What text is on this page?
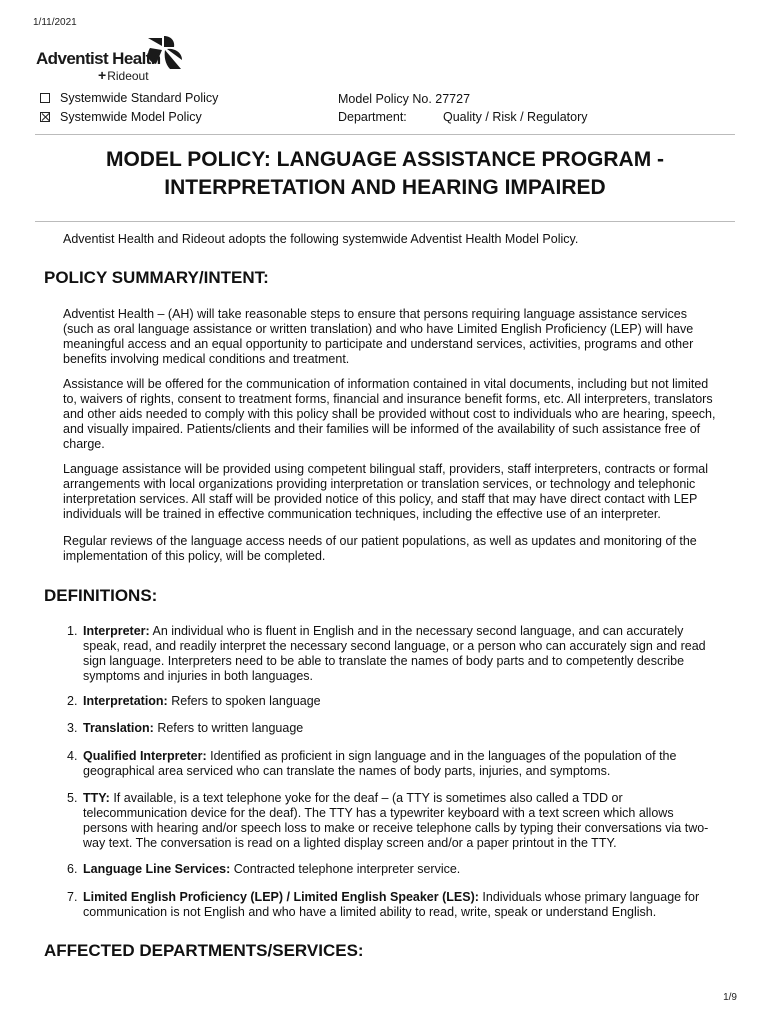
1/11/2021
Adventist Health
+Rideout
Systemwide Standard Policy
Systemwide Model Policy
Model Policy No. 27727
Department:	Quality / Risk / Regulatory
MODEL POLICY: LANGUAGE ASSISTANCE PROGRAM -
INTERPRETATION AND HEARING IMPAIRED
Adventist Health and Rideout adopts the following systemwide Adventist Health Model Policy.
POLICY SUMMARY/INTENT:
Adventist Health – (AH) will take reasonable steps to ensure that persons requiring language assistance services
(such as oral language assistance or written translation) and who have Limited English Proficiency (LEP) will have
meaningful access and an equal opportunity to participate and understand services, activities, programs and other
benefits involving medical conditions and treatment.
Assistance will be offered for the communication of information contained in vital documents, including but not limited
to, waivers of rights, consent to treatment forms, financial and insurance benefit forms, etc. All interpreters, translators
and other aids needed to comply with this policy shall be provided without cost to individuals who are hearing, speech,
and visually impaired. Patients/clients and their families will be informed of the availability of such assistance free of
charge.
Language assistance will be provided using competent bilingual staff, providers, staff interpreters, contracts or formal
arrangements with local organizations providing interpretation or translation services, or technology and telephonic
interpretation services. All staff will be provided notice of this policy, and staff that may have direct contact with LEP
individuals will be trained in effective communication techniques, including the effective use of an interpreter.
Regular reviews of the language access needs of our patient populations, as well as updates and monitoring of the
implementation of this policy, will be completed.
DEFINITIONS:
1. Interpreter: An individual who is fluent in English and in the necessary second language, and can accurately
speak, read, and readily interpret the necessary second language, or a person who can accurately sign and read
sign language. Interpreters need to be able to translate the names of body parts and to competently describe
symptoms and injuries in both languages.
2. Interpretation: Refers to spoken language
3. Translation: Refers to written language
4. Qualified Interpreter: Identified as proficient in sign language and in the languages of the population of the
geographical area serviced who can translate the names of body parts, injuries, and symptoms.
5. TTY: If available, is a text telephone yoke for the deaf – (a TTY is sometimes also called a TDD or
telecommunication device for the deaf). The TTY has a typewriter keyboard with a text screen which allows
persons with hearing and/or speech loss to make or receive telephone calls by typing their conversations via two-
way text. The conversation is read on a lighted display screen and/or a paper printout in the TTY.
6. Language Line Services: Contracted telephone interpreter service.
7. Limited English Proficiency (LEP) / Limited English Speaker (LES): Individuals whose primary language for
communication is not English and who have a limited ability to read, write, speak or understand English.
AFFECTED DEPARTMENTS/SERVICES:
1/9
